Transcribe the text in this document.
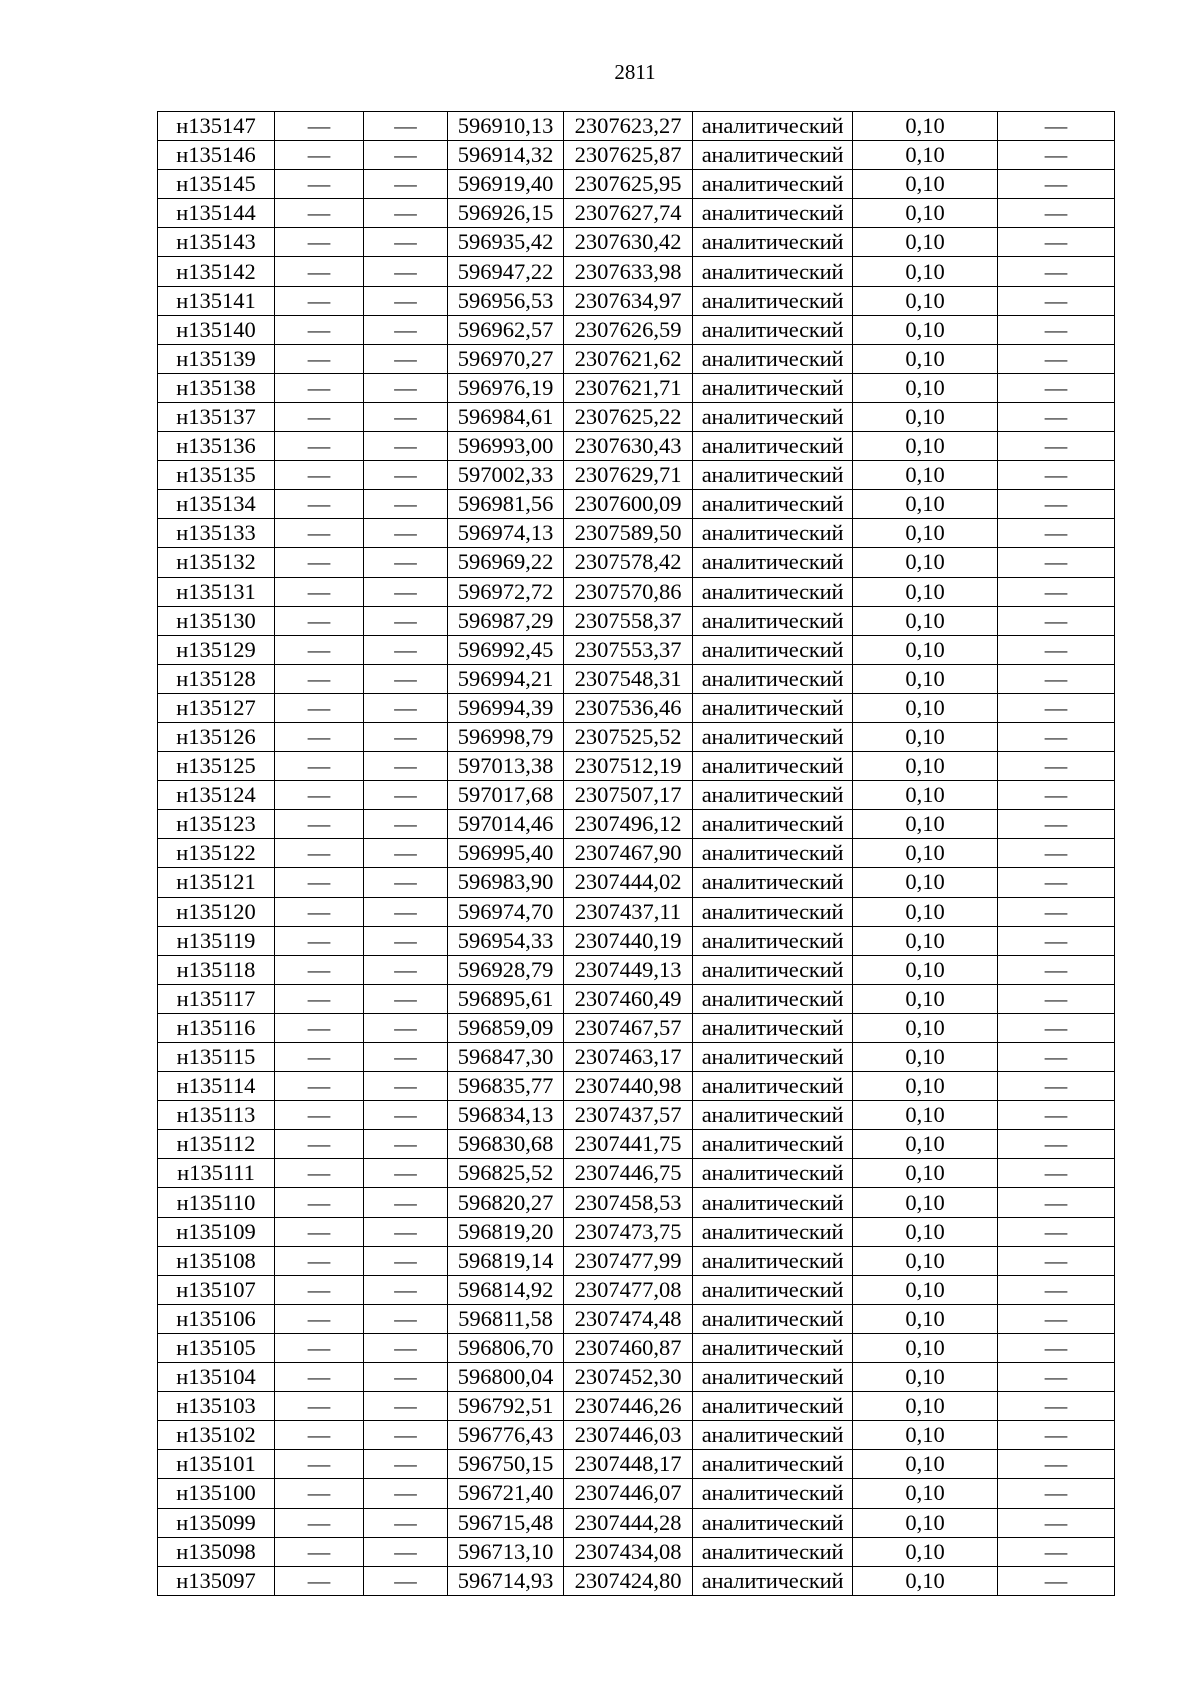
2811
н135147	—	—	596910,13	2307623,27	аналитический	0,10	—
н135146	—	—	596914,32	2307625,87	аналитический	0,10	—
н135145	—	—	596919,40	2307625,95	аналитический	0,10	—
н135144	—	—	596926,15	2307627,74	аналитический	0,10	—
н135143	—	—	596935,42	2307630,42	аналитический	0,10	—
н135142	—	—	596947,22	2307633,98	аналитический	0,10	—
н135141	—	—	596956,53	2307634,97	аналитический	0,10	—
н135140	—	—	596962,57	2307626,59	аналитический	0,10	—
н135139	—	—	596970,27	2307621,62	аналитический	0,10	—
н135138	—	—	596976,19	2307621,71	аналитический	0,10	—
н135137	—	—	596984,61	2307625,22	аналитический	0,10	—
н135136	—	—	596993,00	2307630,43	аналитический	0,10	—
н135135	—	—	597002,33	2307629,71	аналитический	0,10	—
н135134	—	—	596981,56	2307600,09	аналитический	0,10	—
н135133	—	—	596974,13	2307589,50	аналитический	0,10	—
н135132	—	—	596969,22	2307578,42	аналитический	0,10	—
н135131	—	—	596972,72	2307570,86	аналитический	0,10	—
н135130	—	—	596987,29	2307558,37	аналитический	0,10	—
н135129	—	—	596992,45	2307553,37	аналитический	0,10	—
н135128	—	—	596994,21	2307548,31	аналитический	0,10	—
н135127	—	—	596994,39	2307536,46	аналитический	0,10	—
н135126	—	—	596998,79	2307525,52	аналитический	0,10	—
н135125	—	—	597013,38	2307512,19	аналитический	0,10	—
н135124	—	—	597017,68	2307507,17	аналитический	0,10	—
н135123	—	—	597014,46	2307496,12	аналитический	0,10	—
н135122	—	—	596995,40	2307467,90	аналитический	0,10	—
н135121	—	—	596983,90	2307444,02	аналитический	0,10	—
н135120	—	—	596974,70	2307437,11	аналитический	0,10	—
н135119	—	—	596954,33	2307440,19	аналитический	0,10	—
н135118	—	—	596928,79	2307449,13	аналитический	0,10	—
н135117	—	—	596895,61	2307460,49	аналитический	0,10	—
н135116	—	—	596859,09	2307467,57	аналитический	0,10	—
н135115	—	—	596847,30	2307463,17	аналитический	0,10	—
н135114	—	—	596835,77	2307440,98	аналитический	0,10	—
н135113	—	—	596834,13	2307437,57	аналитический	0,10	—
н135112	—	—	596830,68	2307441,75	аналитический	0,10	—
н135111	—	—	596825,52	2307446,75	аналитический	0,10	—
н135110	—	—	596820,27	2307458,53	аналитический	0,10	—
н135109	—	—	596819,20	2307473,75	аналитический	0,10	—
н135108	—	—	596819,14	2307477,99	аналитический	0,10	—
н135107	—	—	596814,92	2307477,08	аналитический	0,10	—
н135106	—	—	596811,58	2307474,48	аналитический	0,10	—
н135105	—	—	596806,70	2307460,87	аналитический	0,10	—
н135104	—	—	596800,04	2307452,30	аналитический	0,10	—
н135103	—	—	596792,51	2307446,26	аналитический	0,10	—
н135102	—	—	596776,43	2307446,03	аналитический	0,10	—
н135101	—	—	596750,15	2307448,17	аналитический	0,10	—
н135100	—	—	596721,40	2307446,07	аналитический	0,10	—
н135099	—	—	596715,48	2307444,28	аналитический	0,10	—
н135098	—	—	596713,10	2307434,08	аналитический	0,10	—
н135097	—	—	596714,93	2307424,80	аналитический	0,10	—
